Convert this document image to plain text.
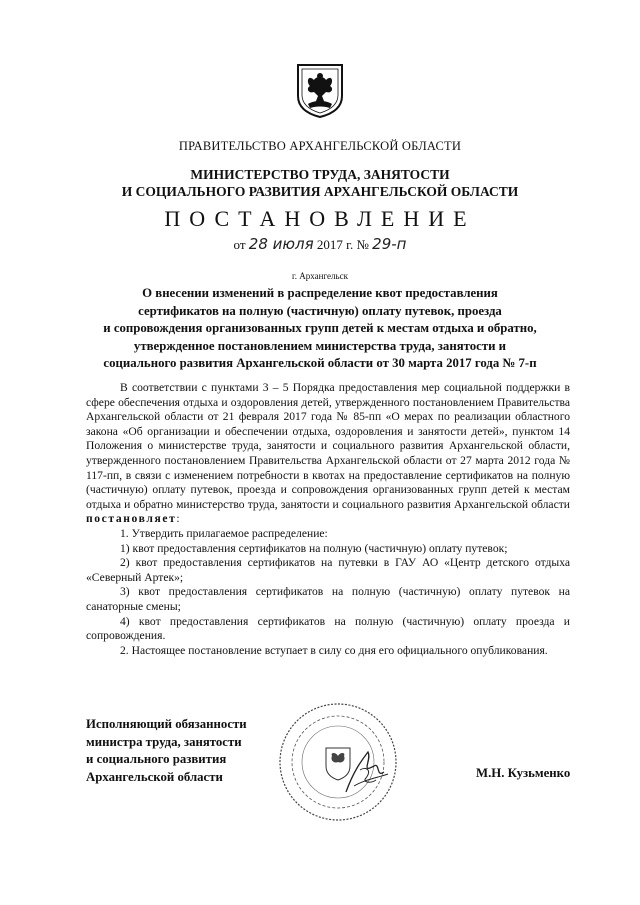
ПРАВИТЕЛЬСТВО АРХАНГЕЛЬСКОЙ ОБЛАСТИ
МИНИСТЕРСТВО ТРУДА, ЗАНЯТОСТИ
И СОЦИАЛЬНОГО РАЗВИТИЯ АРХАНГЕЛЬСКОЙ ОБЛАСТИ
ПОСТАНОВЛЕНИЕ
от 28 июля 2017 г. № 29-п
г. Архангельск
О внесении изменений в распределение квот предоставления
сертификатов на полную (частичную) оплату путевок, проезда
и сопровождения организованных групп детей к местам отдыха и обратно,
утвержденное постановлением министерства труда, занятости и
социального развития Архангельской области от 30 марта 2017 года № 7-п

В соответствии с пунктами 3 – 5 Порядка предоставления мер социальной поддержки в сфере обеспечения отдыха и оздоровления детей, утвержденного постановлением Правительства Архангельской области от 21 февраля 2017 года № 85-пп «О мерах по реализации областного закона «Об организации и обеспечении отдыха, оздоровления и занятости детей», пунктом 14 Положения о министерстве труда, занятости и социального развития Архангельской области, утвержденного постановлением Правительства Архангельской области от 27 марта 2012 года № 117-пп, в связи с изменением потребности в квотах на предоставление сертификатов на полную (частичную) оплату путевок, проезда и сопровождения организованных групп детей к местам отдыха и обратно министерство труда, занятости и социального развития Архангельской области постановляет:

1. Утвердить прилагаемое распределение:

1) квот предоставления сертификатов на полную (частичную) оплату путевок;

2) квот предоставления сертификатов на путевки в ГАУ АО «Центр детского отдыха «Северный Артек»;

3) квот предоставления сертификатов на полную (частичную) оплату путевок на санаторные смены;

4) квот предоставления сертификатов на полную (частичную) оплату проезда и сопровождения.

2. Настоящее постановление вступает в силу со дня его официального опубликования.

Исполняющий обязанности
министра труда, занятости
и социального развития
Архангельской области	М.Н. Кузьменко
